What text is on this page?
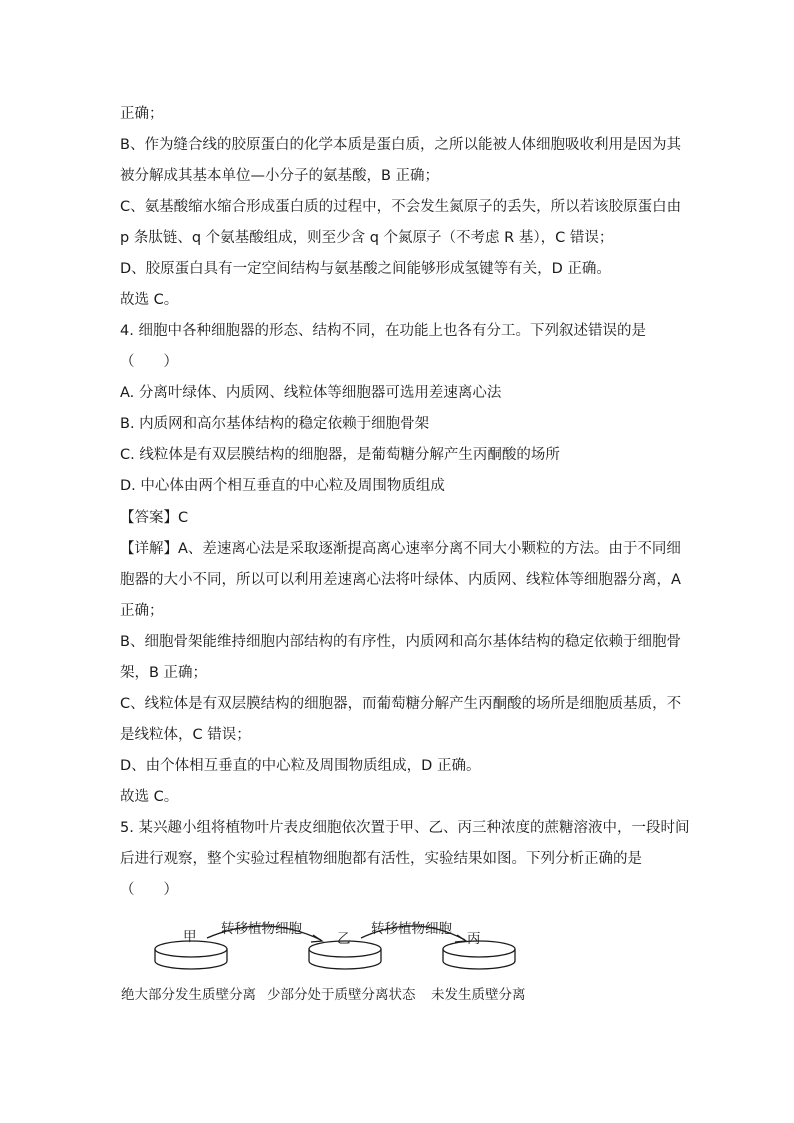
正确；
B、作为缝合线的胶原蛋白的化学本质是蛋白质，之所以能被人体细胞吸收利用是因为其
被分解成其基本单位—小分子的氨基酸，B 正确；
C、氨基酸缩水缩合形成蛋白质的过程中，不会发生氮原子的丢失，所以若该胶原蛋白由
p 条肽链、q 个氨基酸组成，则至少含 q 个氮原子（不考虑 R 基），C 错误；
D、胶原蛋白具有一定空间结构与氨基酸之间能够形成氢键等有关，D 正确。
故选 C。
4. 细胞中各种细胞器的形态、结构不同，在功能上也各有分工。下列叙述错误的是
（　　）
A. 分离叶绿体、内质网、线粒体等细胞器可选用差速离心法
B. 内质网和高尔基体结构的稳定依赖于细胞骨架
C. 线粒体是有双层膜结构的细胞器，是葡萄糖分解产生丙酮酸的场所
D. 中心体由两个相互垂直的中心粒及周围物质组成
【答案】C
【详解】A、差速离心法是采取逐渐提高离心速率分离不同大小颗粒的方法。由于不同细
胞器的大小不同，所以可以利用差速离心法将叶绿体、内质网、线粒体等细胞器分离，A
正确；
B、细胞骨架能维持细胞内部结构的有序性，内质网和高尔基体结构的稳定依赖于细胞骨
架，B 正确；
C、线粒体是有双层膜结构的细胞器，而葡萄糖分解产生丙酮酸的场所是细胞质基质，不
是线粒体，C 错误；
D、由个体相互垂直的中心粒及周围物质组成，D 正确。
故选 C。
5. 某兴趣小组将植物叶片表皮细胞依次置于甲、乙、丙三种浓度的蔗糖溶液中，一段时间
后进行观察，整个实验过程植物细胞都有活性，实验结果如图。下列分析正确的是
（　　）
甲	乙	丙
转移植物细胞	转移植物细胞
绝大部分发生质壁分离 少部分处于质壁分离状态 未发生质壁分离
